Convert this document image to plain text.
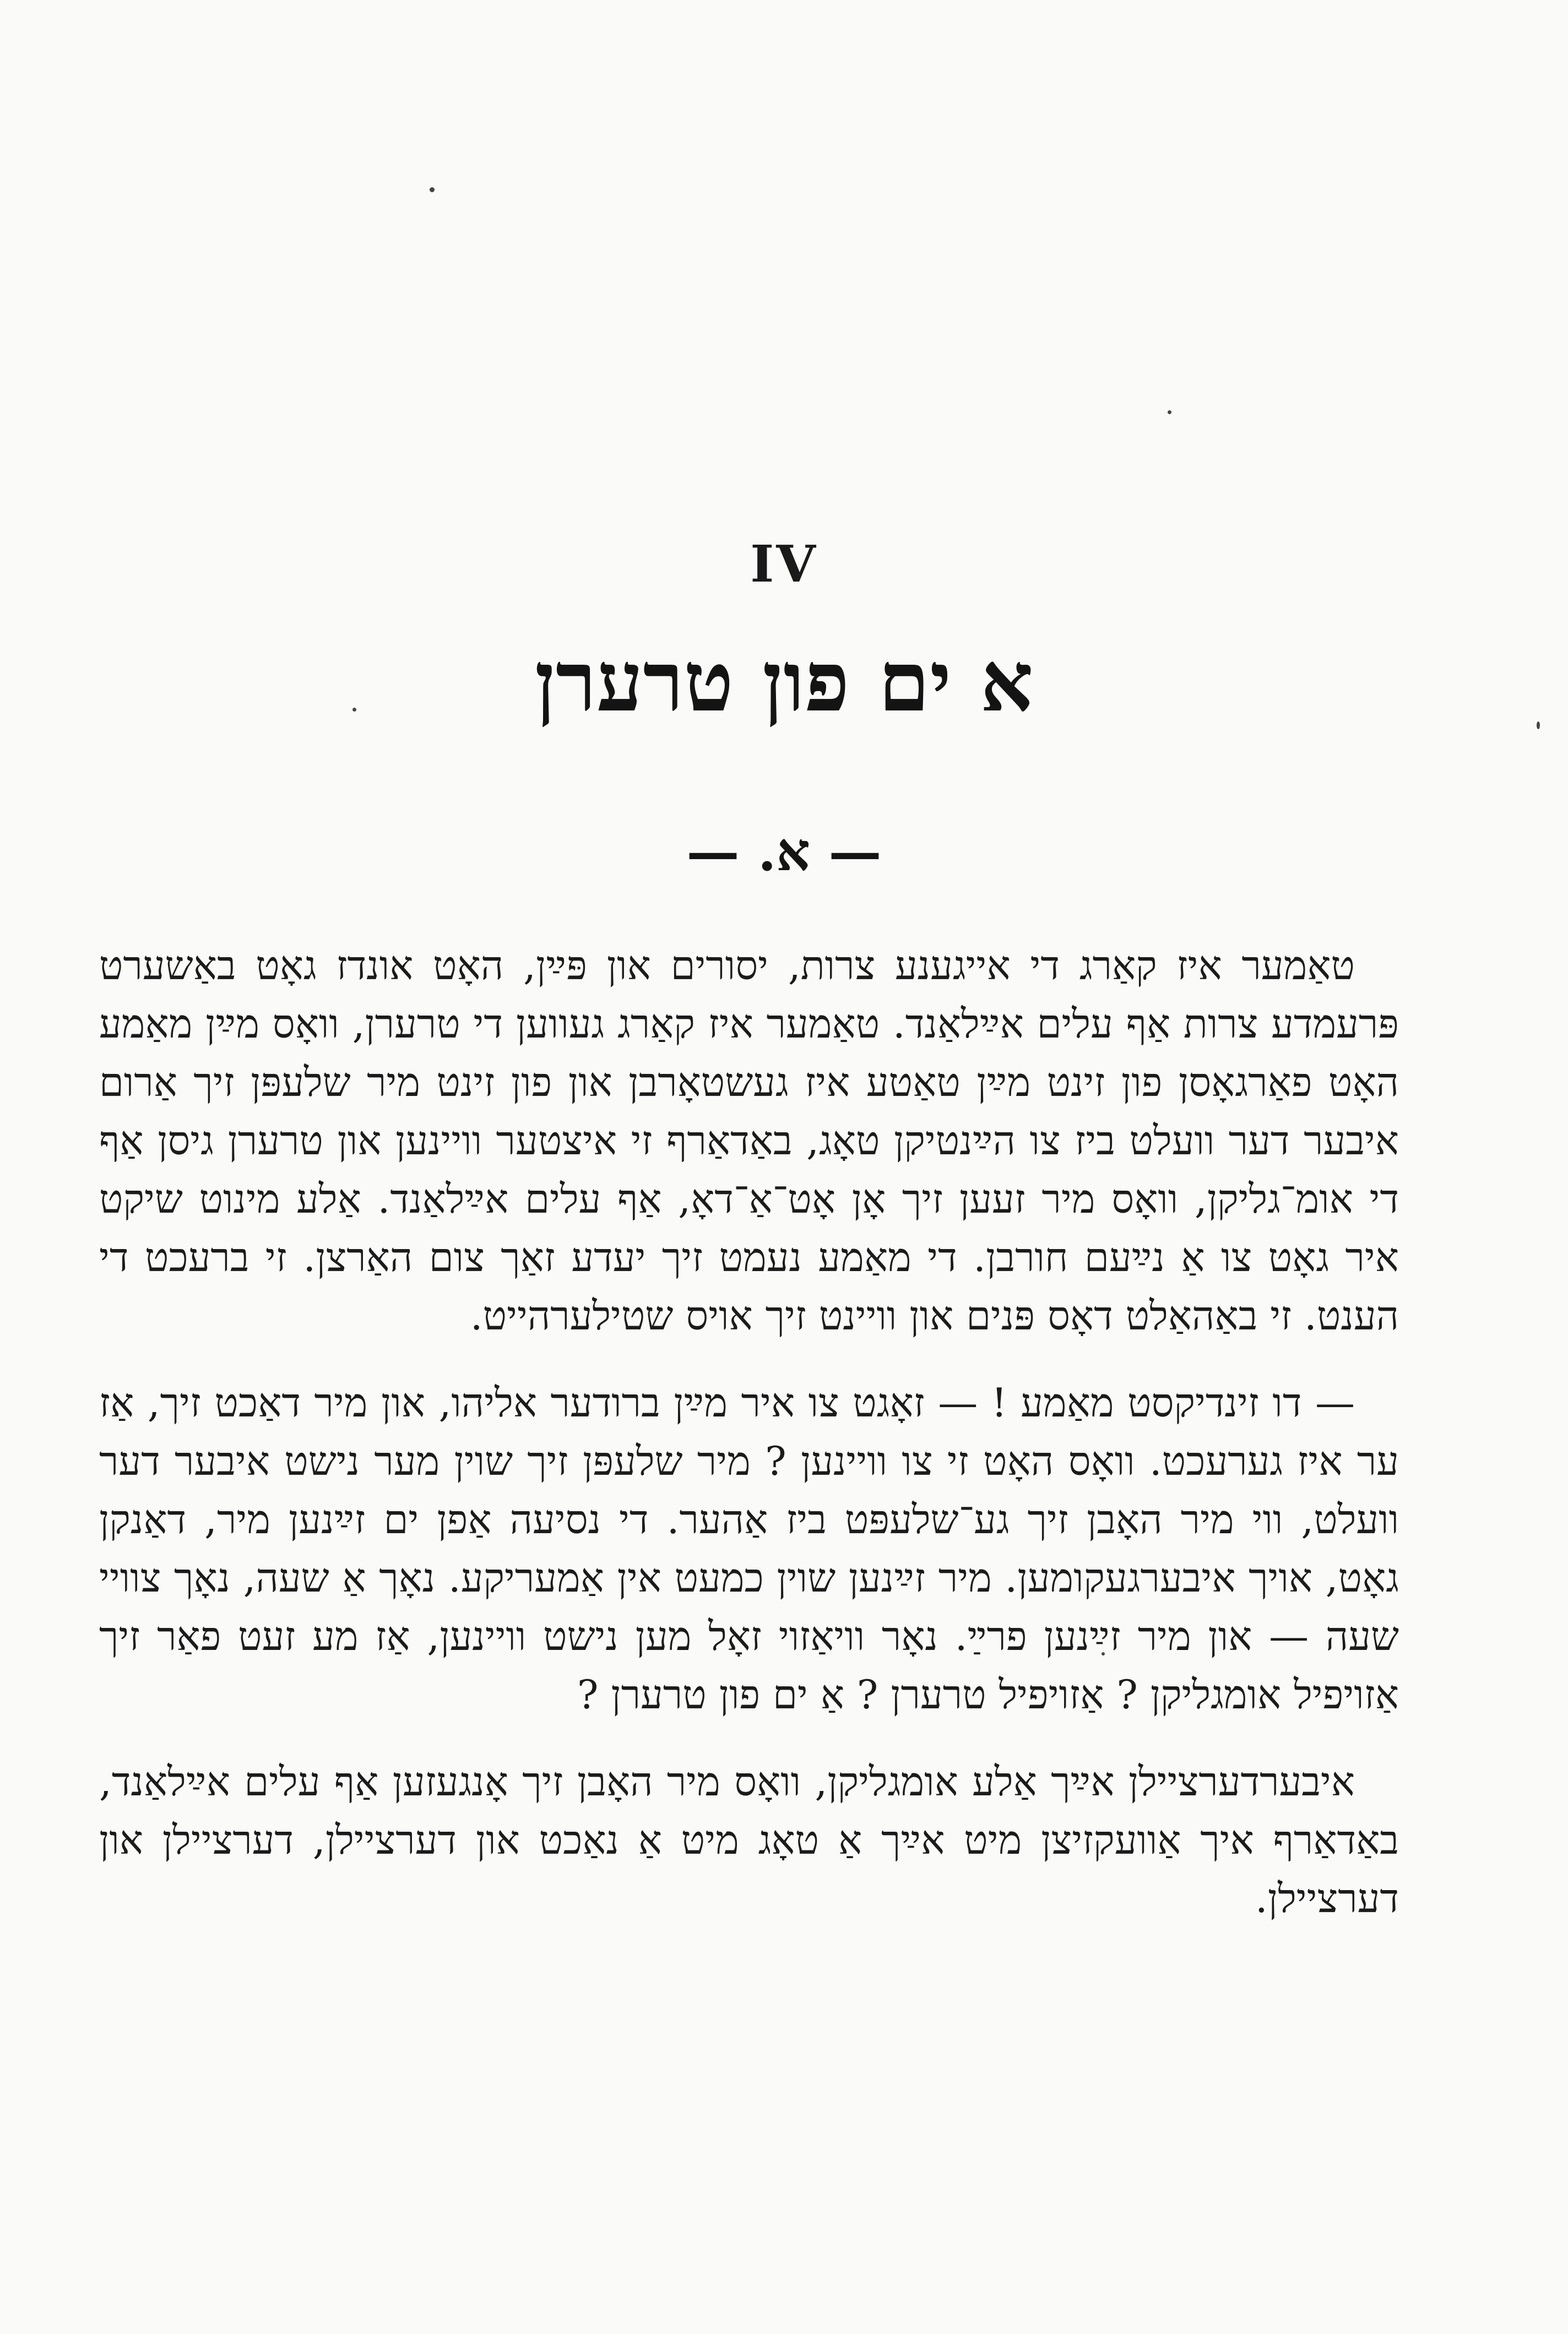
IV
א ים פון טרערן
— א. —

טאַמער איז קאַרג די אייגענע צרות, יסורים און פּײַן, האָט אונדז גאָט באַשערט פּרעמדע צרות אַף עלים אײַלאַנד. טאַמער איז קאַרג געווען די טרערן, וואָס מײַן מאַמע האָט פאַרגאָסן פון זינט מײַן טאַטע איז געשטאָרבן און פון זינט מיר שלעפּן זיך אַרום איבער דער וועלט ביז צו הײַנטיקן טאָג, באַדאַרף זי איצטער וויינען און טרערן גיסן אַף די אומ־גליקן, וואָס מיר זעען זיך אָן אָט־אַ־דאָ, אַף עלים אײַלאַנד. אַלע מינוט שיקט איר גאָט צו אַ נײַעם חורבן. די מאַמע נעמט זיך יעדע זאַך צום האַרצן. זי ברעכט די הענט. זי באַהאַלט דאָס פּנים און וויינט זיך אויס שטילערהייט.

— דו זינדיקסט מאַמע ! — זאָגט צו איר מײַן ברודער אליהו, און מיר דאַכט זיך, אַז ער איז גערעכט. וואָס האָט זי צו וויינען ? מיר שלעפּן זיך שוין מער נישט איבער דער וועלט, ווי מיר האָבן זיך גע־שלעפּט ביז אַהער. די נסיעה אַפן ים זײַנען מיר, דאַנקן גאָט, אויך איבערגעקומען. מיר זײַנען שוין כמעט אין אַמעריקע. נאָך אַ שעה, נאָך צוויי שעה — און מיר זײַנען פרײַ. נאָר וויאַזוי זאָל מען נישט וויינען, אַז מע זעט פאַר זיך אַזויפיל אומגליקן ? אַזויפיל טרערן ? אַ ים פון טרערן ?

איבערדערציילן אײַך אַלע אומגליקן, וואָס מיר האָבן זיך אָנגעזען אַף עלים אײַלאַנד, באַדאַרף איך אַוועקזיצן מיט אײַך אַ טאָג מיט אַ נאַכט און דערציילן, דערציילן און דערציילן.
